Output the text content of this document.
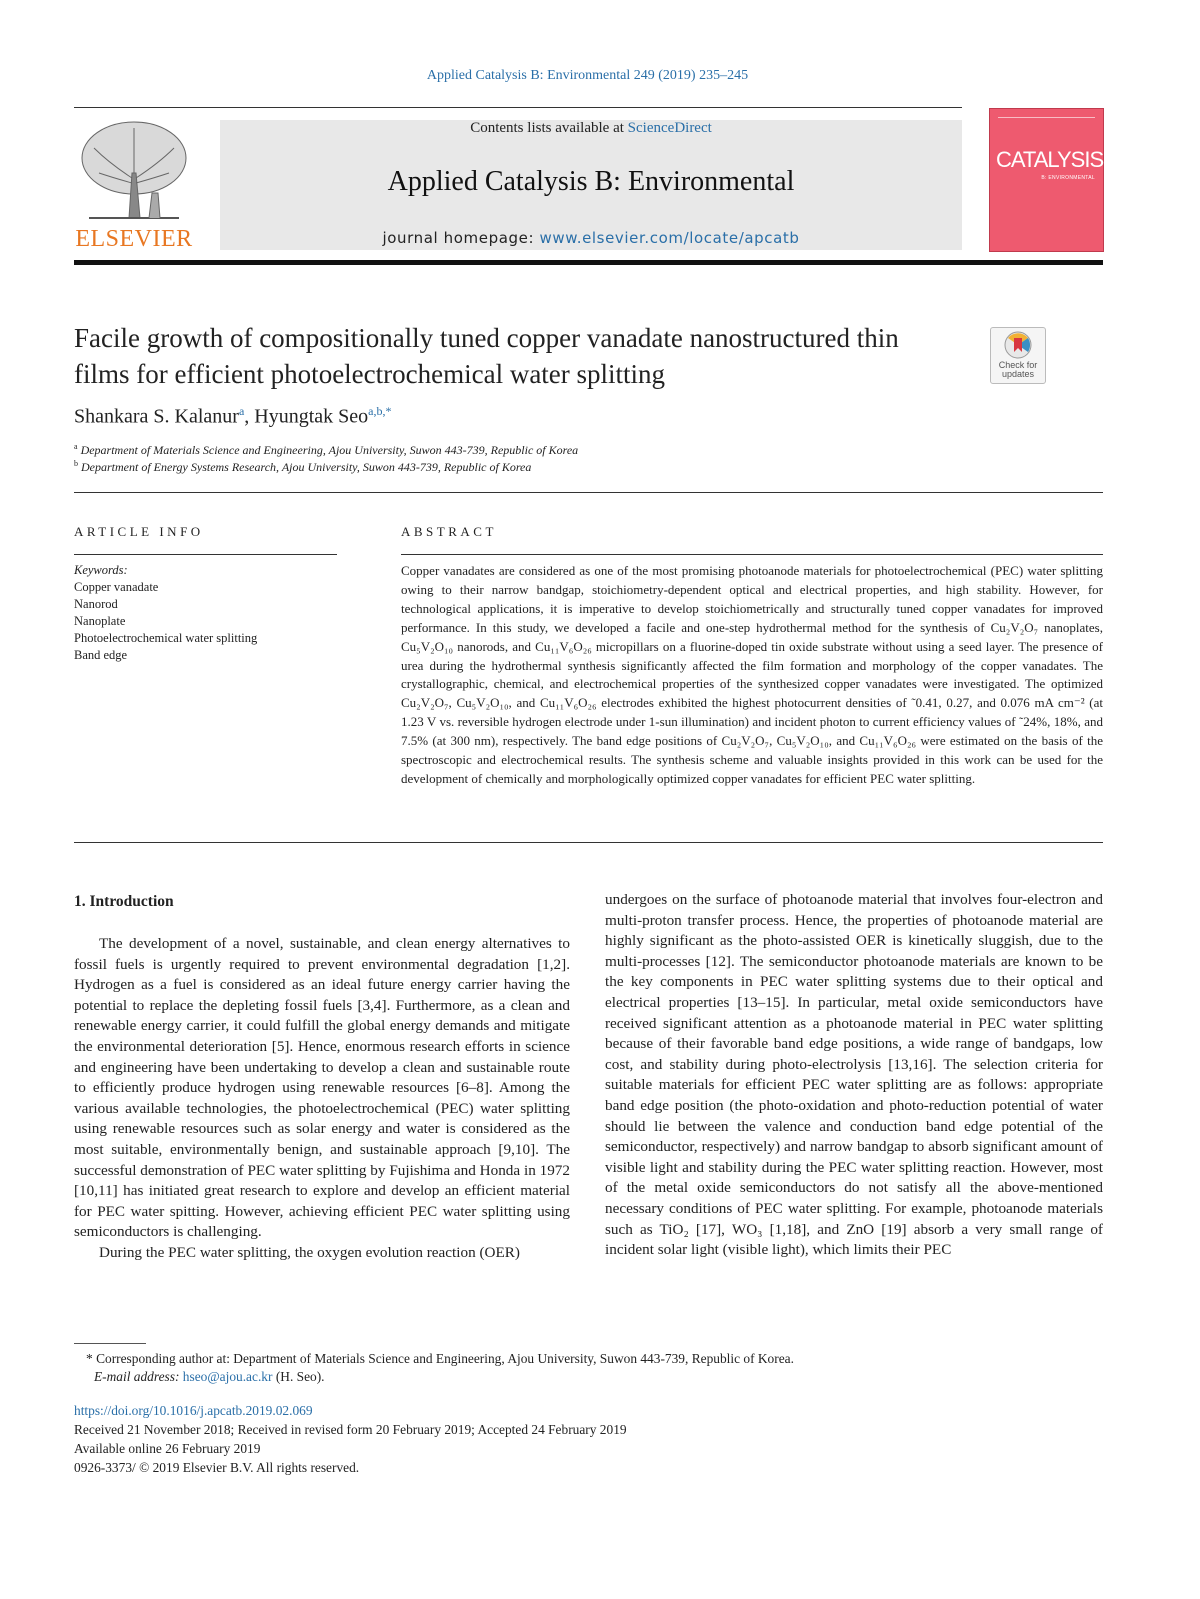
Applied Catalysis B: Environmental 249 (2019) 235–245
ELSEVIER
Contents lists available at ScienceDirect
Applied Catalysis B: Environmental
journal homepage: www.elsevier.com/locate/apcatb
CATALYSIS
B: ENVIRONMENTAL
Facile growth of compositionally tuned copper vanadate nanostructured thin films for efficient photoelectrochemical water splitting	Check for updates
Shankara S. Kalanur$^a$, Hyungtak Seo$^{a,b,*}$
$^a$ Department of Materials Science and Engineering, Ajou University, Suwon 443-739, Republic of Korea
$^b$ Department of Energy Systems Research, Ajou University, Suwon 443-739, Republic of Korea
ARTICLE INFO	ABSTRACT
Keywords:
Copper vanadate
Nanorod
Nanoplate
Photoelectrochemical water splitting
Band edge
Copper vanadates are considered as one of the most promising photoanode materials for photoelectrochemical (PEC) water splitting owing to their narrow bandgap, stoichiometry-dependent optical and electrical properties, and high stability. However, for technological applications, it is imperative to develop stoichiometrically and structurally tuned copper vanadates for improved performance. In this study, we developed a facile and one-step hydrothermal method for the synthesis of Cu₂V₂O₇ nanoplates, Cu₅V₂O₁₀ nanorods, and Cu₁₁V₆O₂₆ micropillars on a fluorine-doped tin oxide substrate without using a seed layer. The presence of urea during the hydrothermal synthesis significantly affected the film formation and morphology of the copper vanadates. The crystallographic, chemical, and electrochemical properties of the synthesized copper vanadates were investigated. The optimized Cu₂V₂O₇, Cu₅V₂O₁₀, and Cu₁₁V₆O₂₆ electrodes exhibited the highest photocurrent densities of ˜0.41, 0.27, and 0.076 mA cm⁻² (at 1.23 V vs. reversible hydrogen electrode under 1-sun illumination) and incident photon to current efficiency values of ˜24%, 18%, and 7.5% (at 300 nm), respectively. The band edge positions of Cu₂V₂O₇, Cu₅V₂O₁₀, and Cu₁₁V₆O₂₆ were estimated on the basis of the spectroscopic and electrochemical results. The synthesis scheme and valuable insights provided in this work can be used for the development of chemically and morphologically optimized copper vanadates for efficient PEC water splitting.
1. Introduction

The development of a novel, sustainable, and clean energy alternatives to fossil fuels is urgently required to prevent environmental degradation [1,2]. Hydrogen as a fuel is considered as an ideal future energy carrier having the potential to replace the depleting fossil fuels [3,4]. Furthermore, as a clean and renewable energy carrier, it could fulfill the global energy demands and mitigate the environmental deterioration [5]. Hence, enormous research efforts in science and engineering have been undertaking to develop a clean and sustainable route to efficiently produce hydrogen using renewable resources [6–8]. Among the various available technologies, the photoelectrochemical (PEC) water splitting using renewable resources such as solar energy and water is considered as the most suitable, environmentally benign, and sustainable approach [9,10]. The successful demonstration of PEC water splitting by Fujishima and Honda in 1972 [10,11] has initiated great research to explore and develop an efficient material for PEC water spitting. However, achieving efficient PEC water splitting using semiconductors is challenging.

During the PEC water splitting, the oxygen evolution reaction (OER)

undergoes on the surface of photoanode material that involves four-electron and multi-proton transfer process. Hence, the properties of photoanode material are highly significant as the photo-assisted OER is kinetically sluggish, due to the multi-processes [12]. The semiconductor photoanode materials are known to be the key components in PEC water splitting systems due to their optical and electrical properties [13–15]. In particular, metal oxide semiconductors have received significant attention as a photoanode material in PEC water splitting because of their favorable band edge positions, a wide range of bandgaps, low cost, and stability during photo-electrolysis [13,16]. The selection criteria for suitable materials for efficient PEC water splitting are as follows: appropriate band edge position (the photo-oxidation and photo-reduction potential of water should lie between the valence and conduction band edge potential of the semiconductor, respectively) and narrow bandgap to absorb significant amount of visible light and stability during the PEC water splitting reaction. However, most of the metal oxide semiconductors do not satisfy all the above-mentioned necessary conditions of PEC water splitting. For example, photoanode materials such as TiO₂ [17], WO₃ [1,18], and ZnO [19] absorb a very small range of incident solar light (visible light), which limits their PEC

* Corresponding author at: Department of Materials Science and Engineering, Ajou University, Suwon 443-739, Republic of Korea.
E-mail address: hseo@ajou.ac.kr (H. Seo).
https://doi.org/10.1016/j.apcatb.2019.02.069
Received 21 November 2018; Received in revised form 20 February 2019; Accepted 24 February 2019
Available online 26 February 2019
0926-3373/ © 2019 Elsevier B.V. All rights reserved.
